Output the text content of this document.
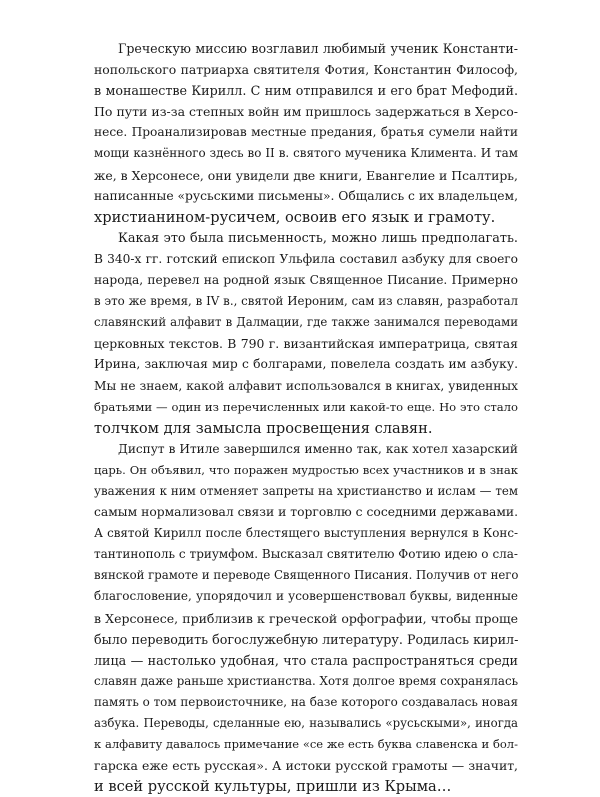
Греческую миссию возглавил любимый ученик Константи-
нопольского патриарха святителя Фотия, Константин Философ,
в монашестве Кирилл. С ним отправился и его брат Мефодий.
По пути из-за степных войн им пришлось задержаться в Херсо-
несе. Проанализировав местные предания, братья сумели найти
мощи казнённого здесь во II в. святого мученика Климента. И там
же, в Херсонесе, они увидели две книги, Евангелие и Псалтирь,
написанные «русьскими письмены». Общались с их владельцем,
христианином-русичем, освоив его язык и грамоту.
Какая это была письменность, можно лишь предполагать.
В 340-х гг. готский епископ Ульфила составил азбуку для своего
народа, перевел на родной язык Священное Писание. Примерно
в это же время, в IV в., святой Иероним, сам из славян, разработал
славянский алфавит в Далмации, где также занимался переводами
церковных текстов. В 790 г. византийская императрица, святая
Ирина, заключая мир с болгарами, повелела создать им азбуку.
Мы не знаем, какой алфавит использовался в книгах, увиденных
братьями — один из перечисленных или какой-то еще. Но это стало
толчком для замысла просвещения славян.
Диспут в Итиле завершился именно так, как хотел хазарский
царь. Он объявил, что поражен мудростью всех участников и в знак
уважения к ним отменяет запреты на христианство и ислам — тем
самым нормализовал связи и торговлю с соседними державами.
А святой Кирилл после блестящего выступления вернулся в Конс-
тантинополь с триумфом. Высказал святителю Фотию идею о сла-
вянской грамоте и переводе Священного Писания. Получив от него
благословение, упорядочил и усовершенствовал буквы, виденные
в Херсонесе, приблизив к греческой орфографии, чтобы проще
было переводить богослужебную литературу. Родилась кирил-
лица — настолько удобная, что стала распространяться среди
славян даже раньше христианства. Хотя долгое время сохранялась
память о том первоисточнике, на базе которого создавалась новая
азбука. Переводы, сделанные ею, назывались «русьскыми», иногда
к алфавиту давалось примечание «се же есть буква славенска и бол-
гарска еже есть русская». А истоки русской грамоты — значит,
и всей русской культуры, пришли из Крыма…
